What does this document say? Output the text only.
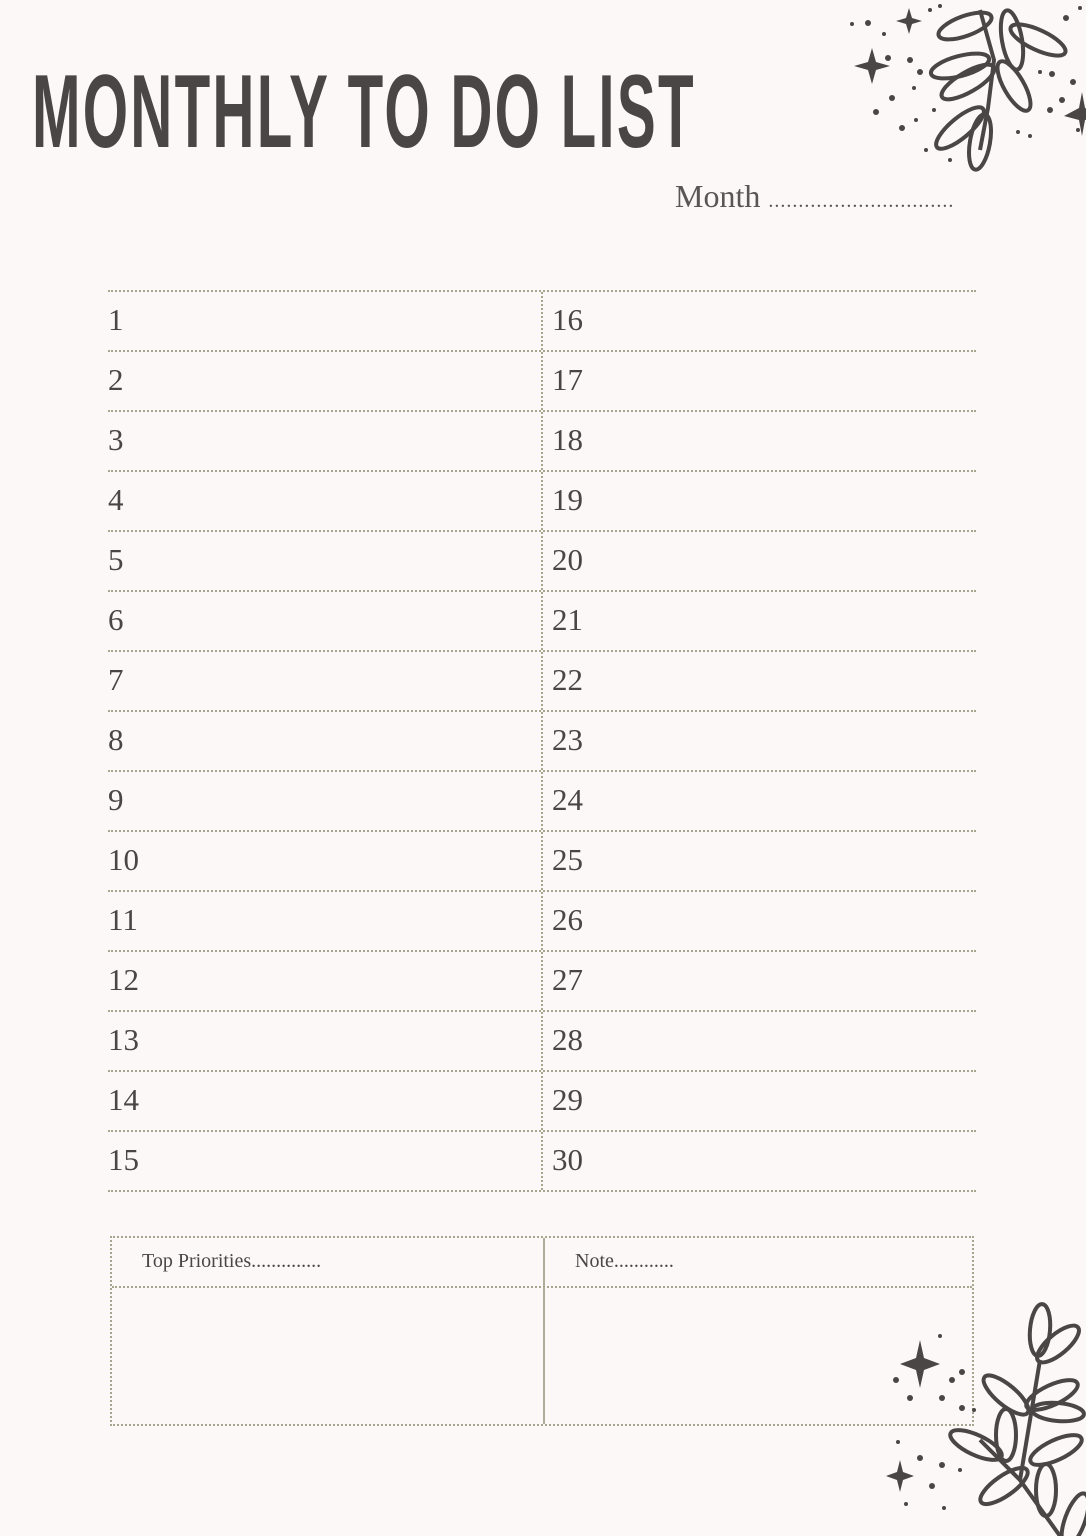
MONTHLY TO DO LIST
Month ...............................
1	16
2	17
3	18
4	19
5	20
6	21
7	22
8	23
9	24
10	25
11	26
12	27
13	28
14	29
15	30
Top Priorities..............	Note............
